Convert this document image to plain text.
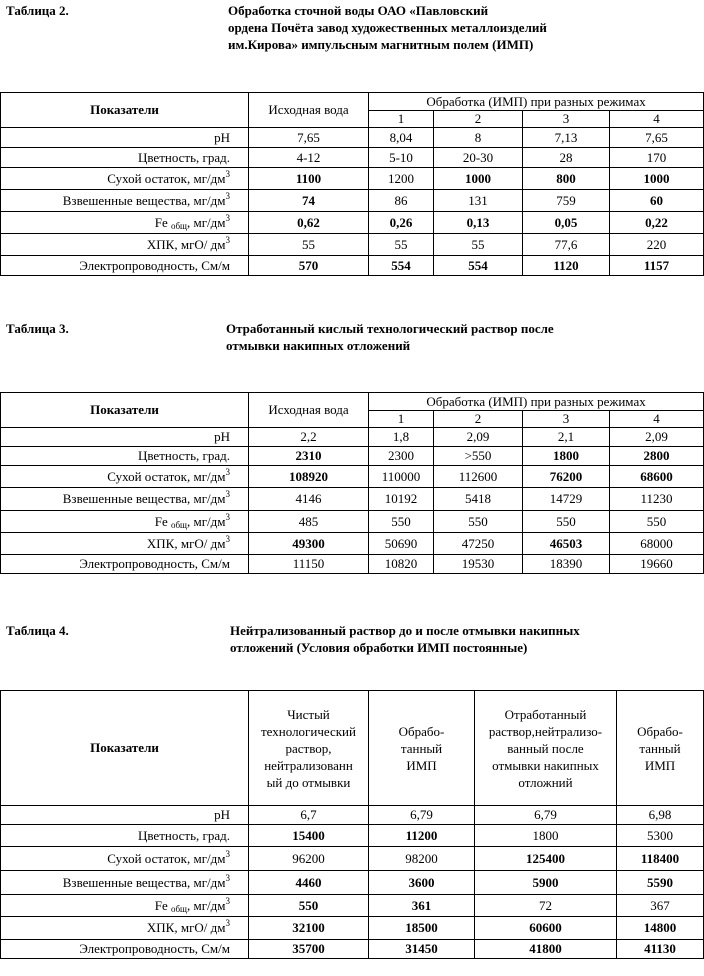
Таблица 2.	Обработка сточной воды ОАО «Павловский
ордена Почёта завод художественных металлоизделий
им.Кирова» импульсным магнитным полем (ИМП)
Показатели	Исходная вода	Обработка (ИМП) при разных режимах			
		1	2	3	4
pH	7,65	8,04	8	7,13	7,65
Цветность, град.	4-12	5-10	20-30	28	170
Сухой остаток, $мг/дм^3$	1100	1200	1000	800	1000
Взвешенные вещества, $мг/дм^3$	74	86	131	759	60
Fe $_{общ}$, $мг/дм^3$	0,62	0,26	0,13	0,05	0,22
ХПК, мгО/ $дм^3$	55	55	55	77,6	220
Электропроводность, См/м	570	554	554	1120	1157
Таблица 3.	Отработанный кислый технологический раствор после
отмывки накипных отложений
Показатели	Исходная вода	Обработка (ИМП) при разных режимах			
		1	2	3	4
pH	2,2	1,8	2,09	2,1	2,09
Цветность, град.	2310	2300	>550	1800	2800
Сухой остаток, $мг/дм^3$	108920	110000	112600	76200	68600
Взвешенные вещества, $мг/дм^3$	4146	10192	5418	14729	11230
Fe $_{общ}$, $мг/дм^3$	485	550	550	550	550
ХПК, мгО/ $дм^3$	49300	50690	47250	46503	68000
Электропроводность, См/м	11150	10820	19530	18390	19660
Таблица 4.	Нейтрализованный раствор до и после отмывки накипных
отложений (Условия обработки ИМП постоянные)
Показатели	Чистый
технологический
раствор,
нейтрализованн
ый до отмывки	Обрабо-
танный
ИМП	Отработанный
раствор,нейтрализо-
ванный после
отмывки накипных
отложний	Обрабо-
танный
ИМП
pH	6,7	6,79	6,79	6,98
Цветность, град.	15400	11200	1800	5300
Сухой остаток, $мг/дм^3$	96200	98200	125400	118400
Взвешенные вещества, $мг/дм^3$	4460	3600	5900	5590
Fe $_{общ}$, $мг/дм^3$	550	361	72	367
ХПК, мгО/ $дм^3$	32100	18500	60600	14800
Электропроводность, См/м	35700	31450	41800	41130
